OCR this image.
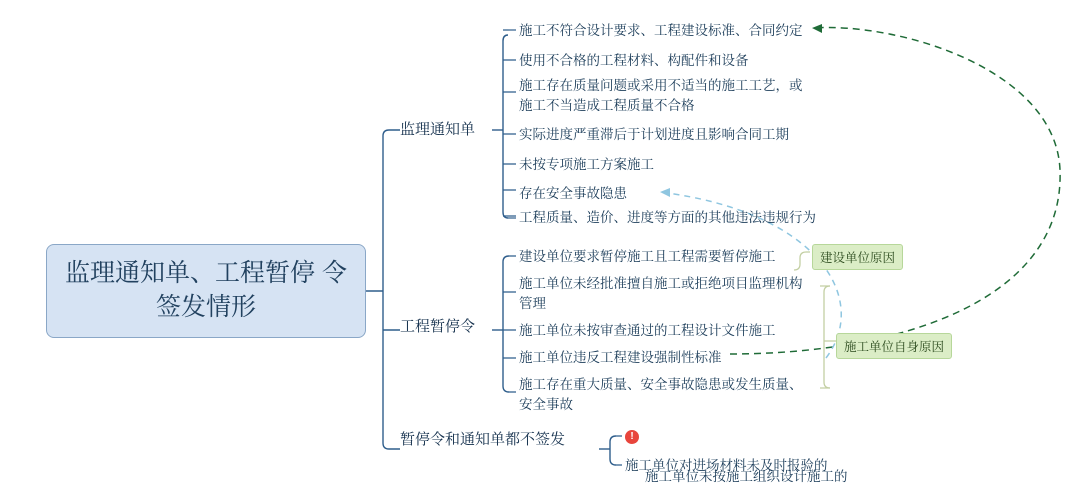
监理通知单、工程暂停 令签发情形
监理通知单
工程暂停令
暂停令和通知单都不签发
施工不符合设计要求、工程建设标准、合同约定
使用不合格的工程材料、构配件和设备
施工存在质量问题或采用不适当的施工工艺，或
施工不当造成工程质量不合格
实际进度严重滞后于计划进度且影响合同工期
未按专项施工方案施工
存在安全事故隐患
工程质量、造价、进度等方面的其他违法违规行为
建设单位要求暂停施工且工程需要暂停施工
施工单位未经批准擅自施工或拒绝项目监理机构
管理
施工单位未按审查通过的工程设计文件施工
施工单位违反工程建设强制性标准
施工存在重大质量、安全事故隐患或发生质量、
安全事故

!

施工单位未按施工组织设计施工的

施工单位对进场材料未及时报验的
建设单位原因
施工单位自身原因
